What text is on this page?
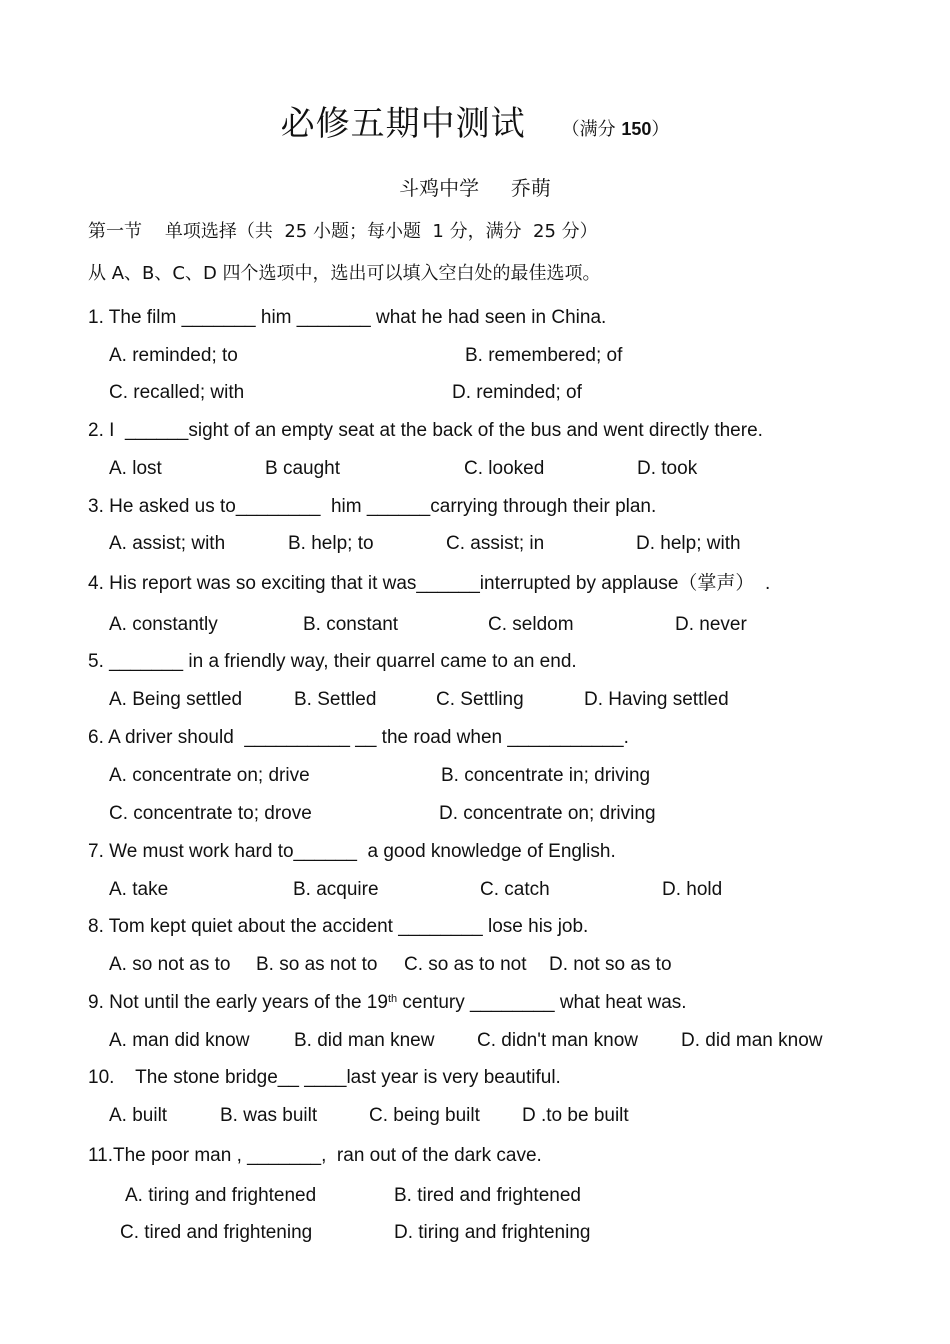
必修五期中测试 （满分 150）
斗鸡中学     乔萌
第一节    单项选择（共  25 小题；每小题  1 分，满分  25 分）
从 A、B、C、D 四个选项中，选出可以填入空白处的最佳选项。
1. The film _______ him _______ what he had seen in China.
A. reminded; to	B. remembered; of
C. recalled; with	D. reminded; of
2. I  ______sight of an empty seat at the back of the bus and went directly there.
A. lost	B caught	C. looked	D. took
3. He asked us to________  him ______carrying through their plan.
A. assist; with	B. help; to	C. assist; in	D. help; with
4. His report was so exciting that it was______interrupted by applause（掌声）  .
A. constantly	B. constant	C. seldom	D. never
5. _______ in a friendly way, their quarrel came to an end.
A. Being settled	B. Settled	C. Settling	D. Having settled
6. A driver should  __________ __ the road when ___________.
A. concentrate on; drive	B. concentrate in; driving
C. concentrate to; drove	D. concentrate on; driving
7. We must work hard to______  a good knowledge of English.
A. take	B. acquire	C. catch	D. hold
8. Tom kept quiet about the accident ________ lose his job.
A. so not as to B. so as not to C. so as to not D. not so as to
9. Not until the early years of the 19th century ________ what heat was.
A. man did know B. did man knew C. didn't man know D. did man know
10.    The stone bridge__ ____last year is very beautiful.
A. built	B. was built	C. being built D .to be built
11.The poor man , _______,  ran out of the dark cave.
A. tiring and frightened	B. tired and frightened
C. tired and frightening	D. tiring and frightening
